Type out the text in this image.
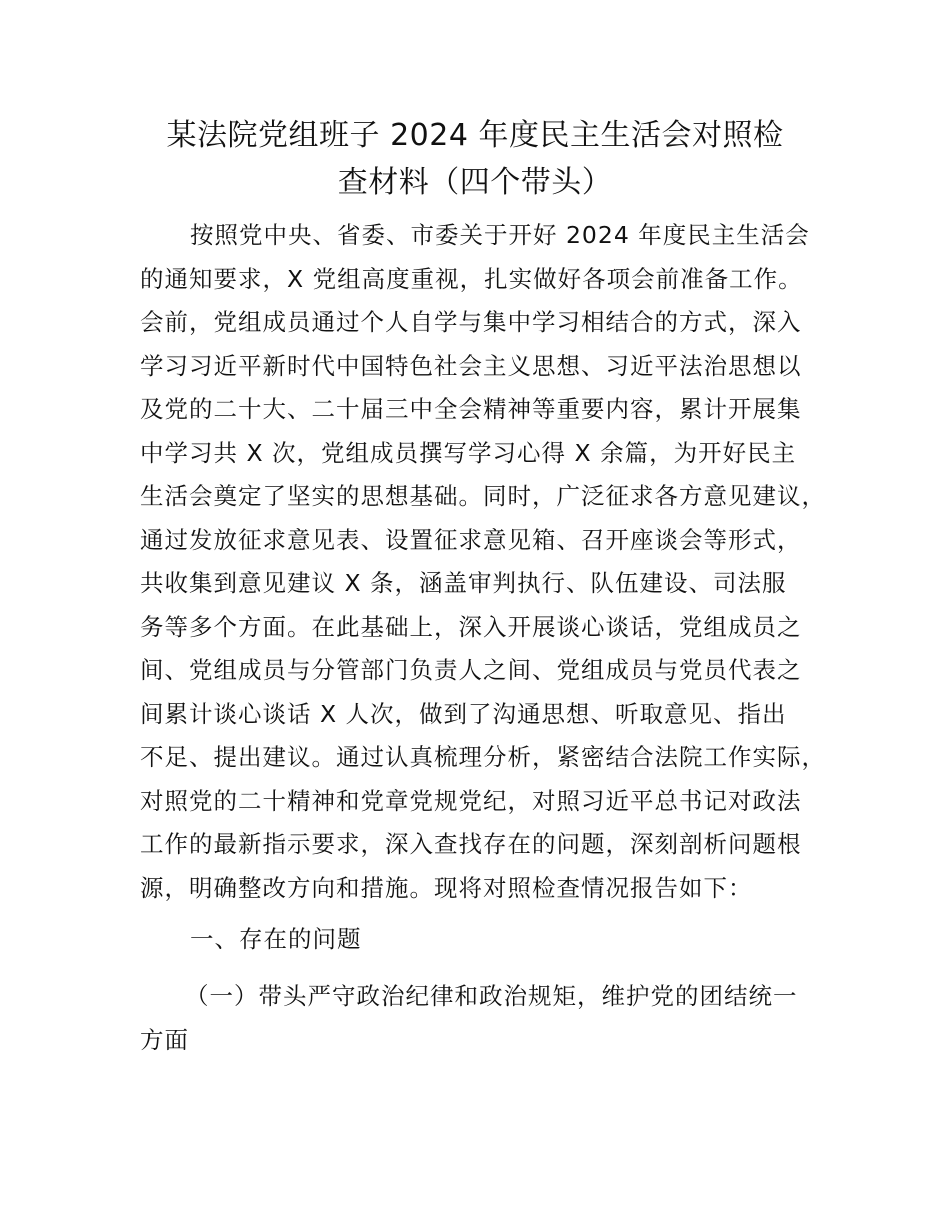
某法院党组班子 2024 年度民主生活会对照检
查材料（四个带头）

按照党中央、省委、市委关于开好 2024 年度民主生活会
的通知要求，X 党组高度重视，扎实做好各项会前准备工作。
会前，党组成员通过个人自学与集中学习相结合的方式，深入
学习习近平新时代中国特色社会主义思想、习近平法治思想以
及党的二十大、二十届三中全会精神等重要内容，累计开展集
中学习共 X 次，党组成员撰写学习心得 X 余篇，为开好民主
生活会奠定了坚实的思想基础。同时，广泛征求各方意见建议，
通过发放征求意见表、设置征求意见箱、召开座谈会等形式，
共收集到意见建议 X 条，涵盖审判执行、队伍建设、司法服
务等多个方面。在此基础上，深入开展谈心谈话，党组成员之
间、党组成员与分管部门负责人之间、党组成员与党员代表之
间累计谈心谈话 X 人次，做到了沟通思想、听取意见、指出
不足、提出建议。通过认真梳理分析，紧密结合法院工作实际，
对照党的二十精神和党章党规党纪，对照习近平总书记对政法
工作的最新指示要求，深入查找存在的问题，深刻剖析问题根
源，明确整改方向和措施。现将对照检查情况报告如下：

一、存在的问题

（一）带头严守政治纪律和政治规矩，维护党的团结统一
方面
